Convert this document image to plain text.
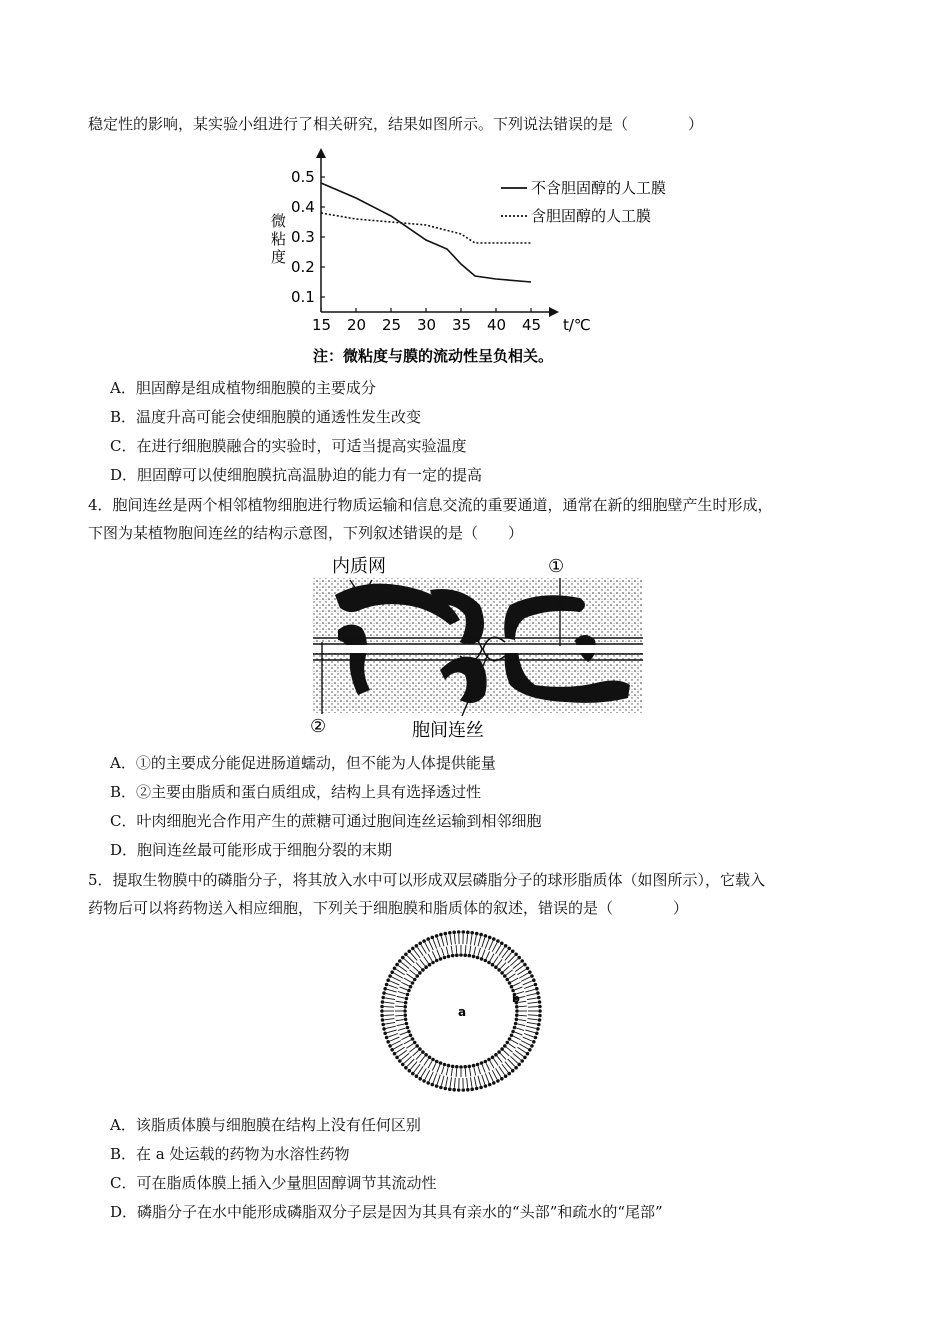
稳定性的影响，某实验小组进行了相关研究，结果如图所示。下列说法错误的是（　　　　）
15 20 25 30 35 40 45
0.1
0.2
0.3
0.4
0.5
微粘度
不含胆固醇的人工膜
含胆固醇的人工膜
t/℃
注：微粘度与膜的流动性呈负相关。
A．胆固醇是组成植物细胞膜的主要成分
B．温度升高可能会使细胞膜的通透性发生改变
C．在进行细胞膜融合的实验时，可适当提高实验温度
D．胆固醇可以使细胞膜抗高温胁迫的能力有一定的提高
4．胞间连丝是两个相邻植物细胞进行物质运输和信息交流的重要通道，通常在新的细胞壁产生时形成，
下图为某植物胞间连丝的结构示意图，下列叙述错误的是（　　）
内质网	①
②	胞间连丝
A．①的主要成分能促进肠道蠕动，但不能为人体提供能量
B．②主要由脂质和蛋白质组成，结构上具有选择透过性
C．叶肉细胞光合作用产生的蔗糖可通过胞间连丝运输到相邻细胞
D．胞间连丝最可能形成于细胞分裂的末期
5．提取生物膜中的磷脂分子，将其放入水中可以形成双层磷脂分子的球形脂质体（如图所示），它载入
药物后可以将药物送入相应细胞，下列关于细胞膜和脂质体的叙述，错误的是（　　　　）
a
b
A．该脂质体膜与细胞膜在结构上没有任何区别
B．在 a 处运载的药物为水溶性药物
C．可在脂质体膜上插入少量胆固醇调节其流动性
D．磷脂分子在水中能形成磷脂双分子层是因为其具有亲水的“头部”和疏水的“尾部”
